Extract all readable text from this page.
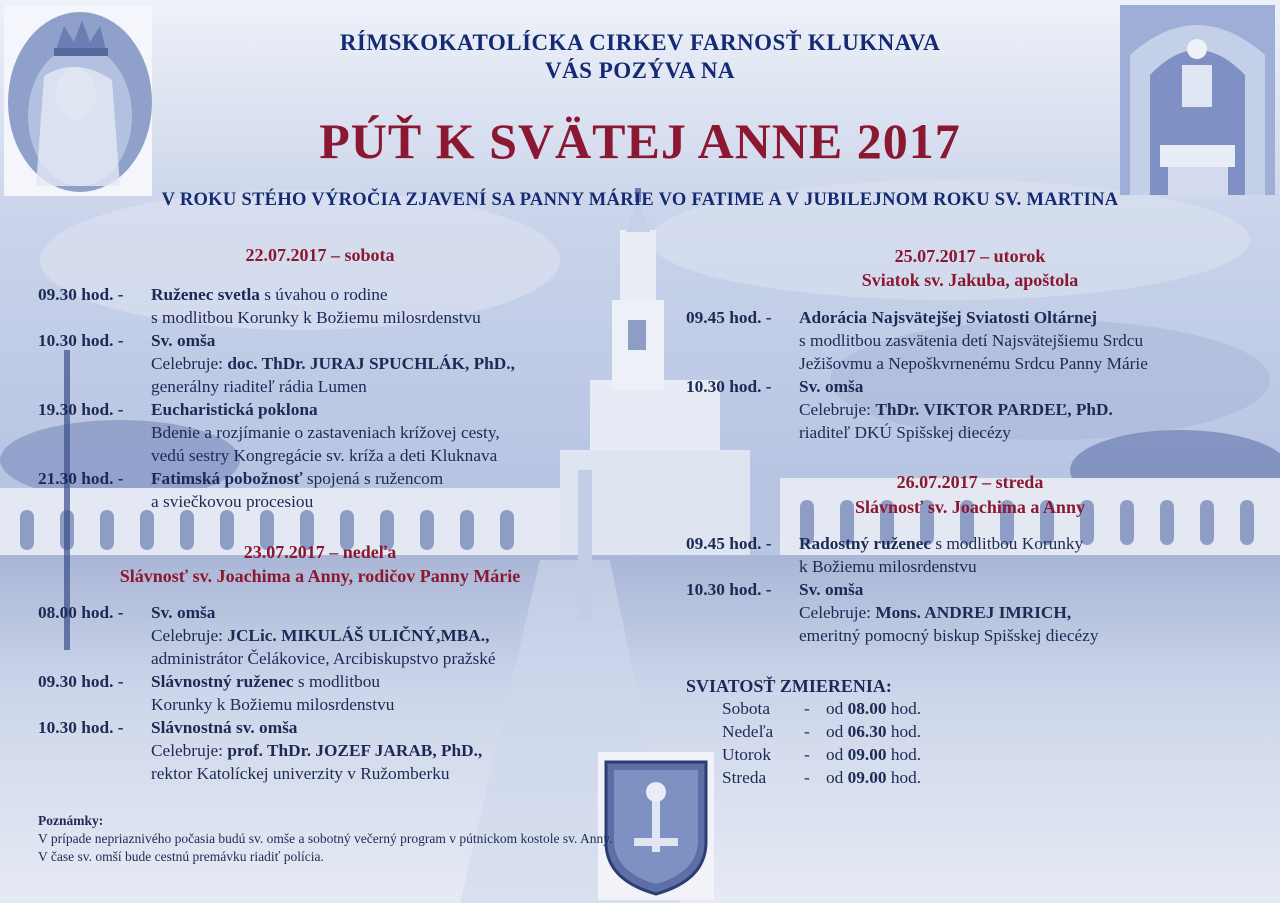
RÍMSKOKATOLÍCKA CIRKEV FARNOSŤ KLUKNAVA
VÁS POZÝVA NA
PÚŤ K SVÄTEJ ANNE 2017
V ROKU STÉHO VÝROČIA ZJAVENÍ SA PANNY MÁRIE VO FATIME A V JUBILEJNOM ROKU SV. MARTINA
22.07.2017 – sobota
09.30 hod. - Ruženec svetla s úvahou o rodine
s modlitbou Korunky k Božiemu milosrdenstvu
10.30 hod. - Sv. omša
Celebruje: doc. ThDr. JURAJ SPUCHLÁK, PhD.,
generálny riaditeľ rádia Lumen
19.30 hod. - Eucharistická poklona
Bdenie a rozjímanie o zastaveniach krížovej cesty,
vedú sestry Kongregácie sv. kríža a deti Kluknava
21.30 hod. - Fatimská pobožnosť spojená s ružencom
a sviečkovou procesiou
23.07.2017 – nedeľa
Slávnosť sv. Joachima a Anny, rodičov Panny Márie
08.00 hod. - Sv. omša
Celebruje: JCLic. MIKULÁŠ ULIČNÝ,MBA.,
administrátor Čelákovice, Arcibiskupstvo pražské
09.30 hod. - Slávnostný ruženec s modlitbou
Korunky k Božiemu milosrdenstvu
10.30 hod. - Slávnostná sv. omša
Celebruje: prof. ThDr. JOZEF JARAB, PhD.,
rektor Katolíckej univerzity v Ružomberku
25.07.2017 – utorok
Sviatok sv. Jakuba, apoštola
09.45 hod. - Adorácia Najsvätejšej Sviatosti Oltárnej
s modlitbou zasvätenia detí Najsvätejšiemu Srdcu
Ježišovmu a Nepoškvrnenému Srdcu Panny Márie
10.30 hod. - Sv. omša
Celebruje: ThDr. VIKTOR PARDEĽ, PhD.
riaditeľ DKÚ Spišskej diecézy
26.07.2017 – streda
Slávnosť sv. Joachima a Anny
09.45 hod. - Radostný ruženec s modlitbou Korunky
k Božiemu milosrdenstvu
10.30 hod. - Sv. omša
Celebruje: Mons. ANDREJ IMRICH,
emeritný pomocný biskup Spišskej diecézy
SVIATOSŤ ZMIERENIA:
Sobota	-	od 08.00 hod.
Nedeľa	-	od 06.30 hod.
Utorok	-	od 09.00 hod.
Streda	-	od 09.00 hod.
Poznámky:
V prípade nepriaznivého počasia budú sv. omše a sobotný večerný program v pútnickom kostole sv. Anny.
V čase sv. omší bude cestnú premávku riadiť polícia.
